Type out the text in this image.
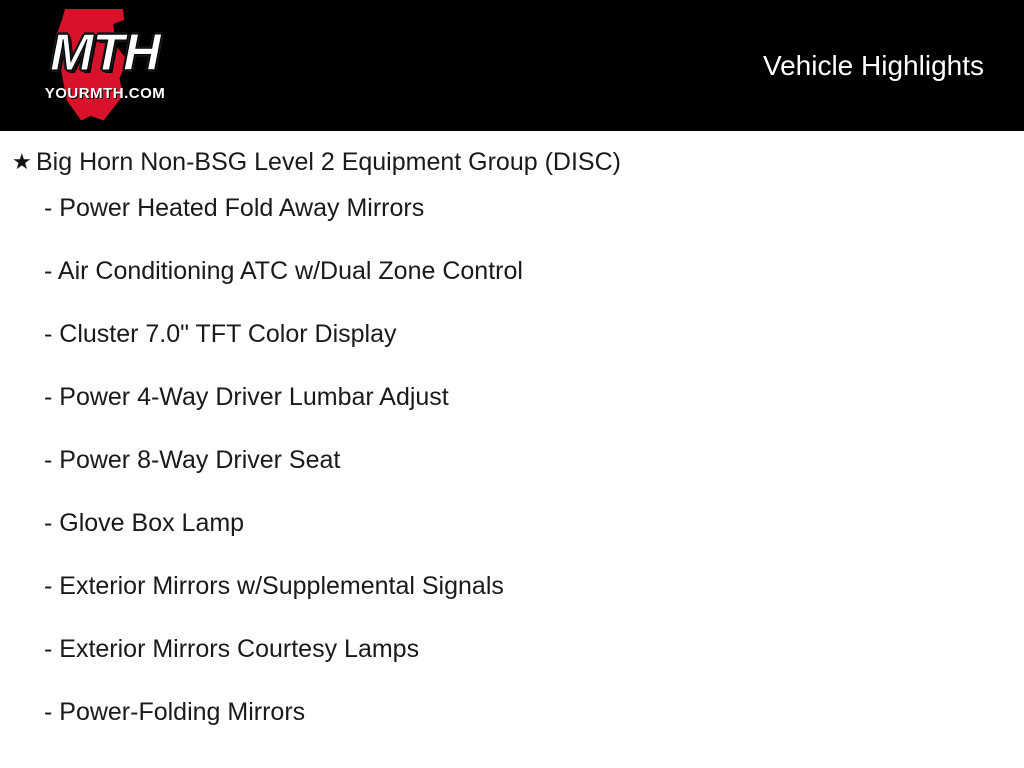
MTH
YOURMTH.COM
Vehicle Highlights
★ Big Horn Non-BSG Level 2 Equipment Group (DISC)
- Power Heated Fold Away Mirrors
- Air Conditioning ATC w/Dual Zone Control
- Cluster 7.0" TFT Color Display
- Power 4-Way Driver Lumbar Adjust
- Power 8-Way Driver Seat
- Glove Box Lamp
- Exterior Mirrors w/Supplemental Signals
- Exterior Mirrors Courtesy Lamps
- Power-Folding Mirrors
